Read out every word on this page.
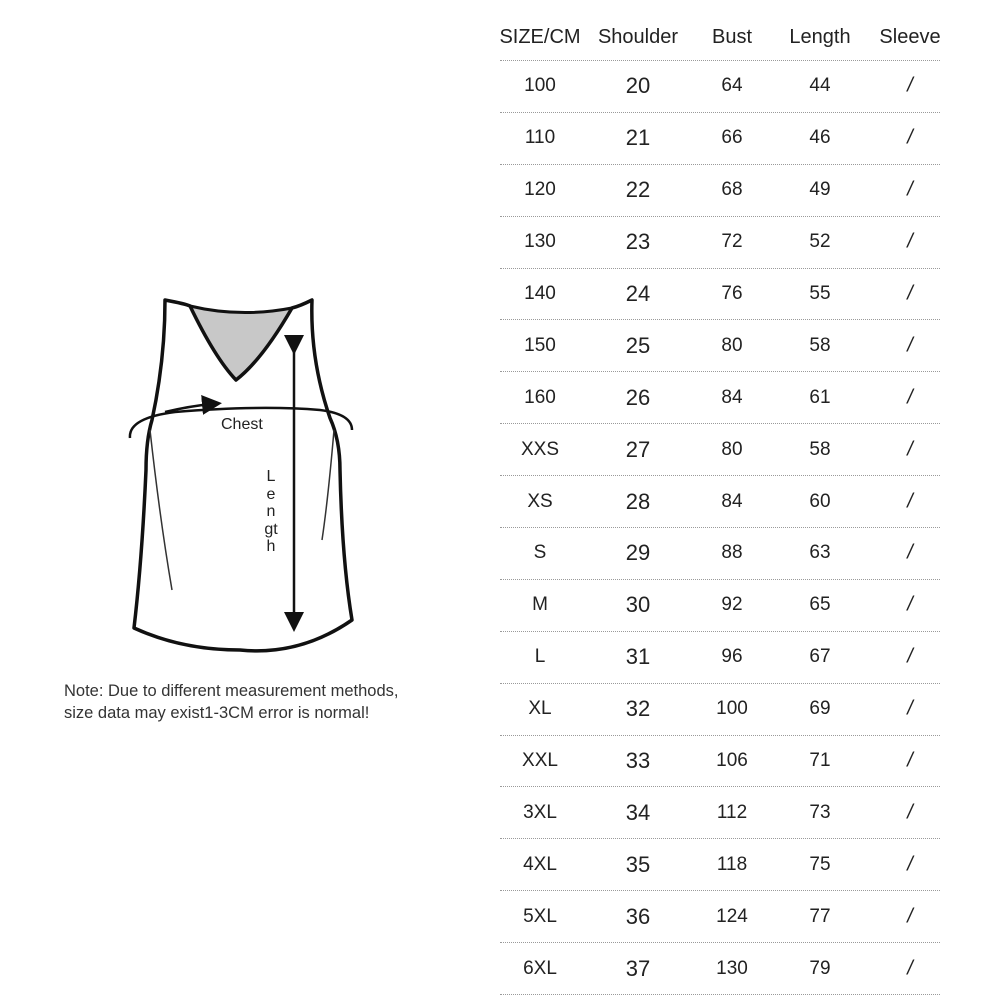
Chest
Length
Note: Due to different measurement methods,
size data may exist1-3CM error is normal!
SIZE/CM Shoulder Bust Length Sleeve
100	20	64	44	/
110	21	66	46	/
120	22	68	49	/
130	23	72	52	/
140	24	76	55	/
150	25	80	58	/
160	26	84	61	/
XXS	27	80	58	/
XS	28	84	60	/
S	29	88	63	/
M	30	92	65	/
L	31	96	67	/
XL	32	100	69	/
XXL	33	106	71	/
3XL	34	112	73	/
4XL	35	118	75	/
5XL	36	124	77	/
6XL	37	130	79	/
